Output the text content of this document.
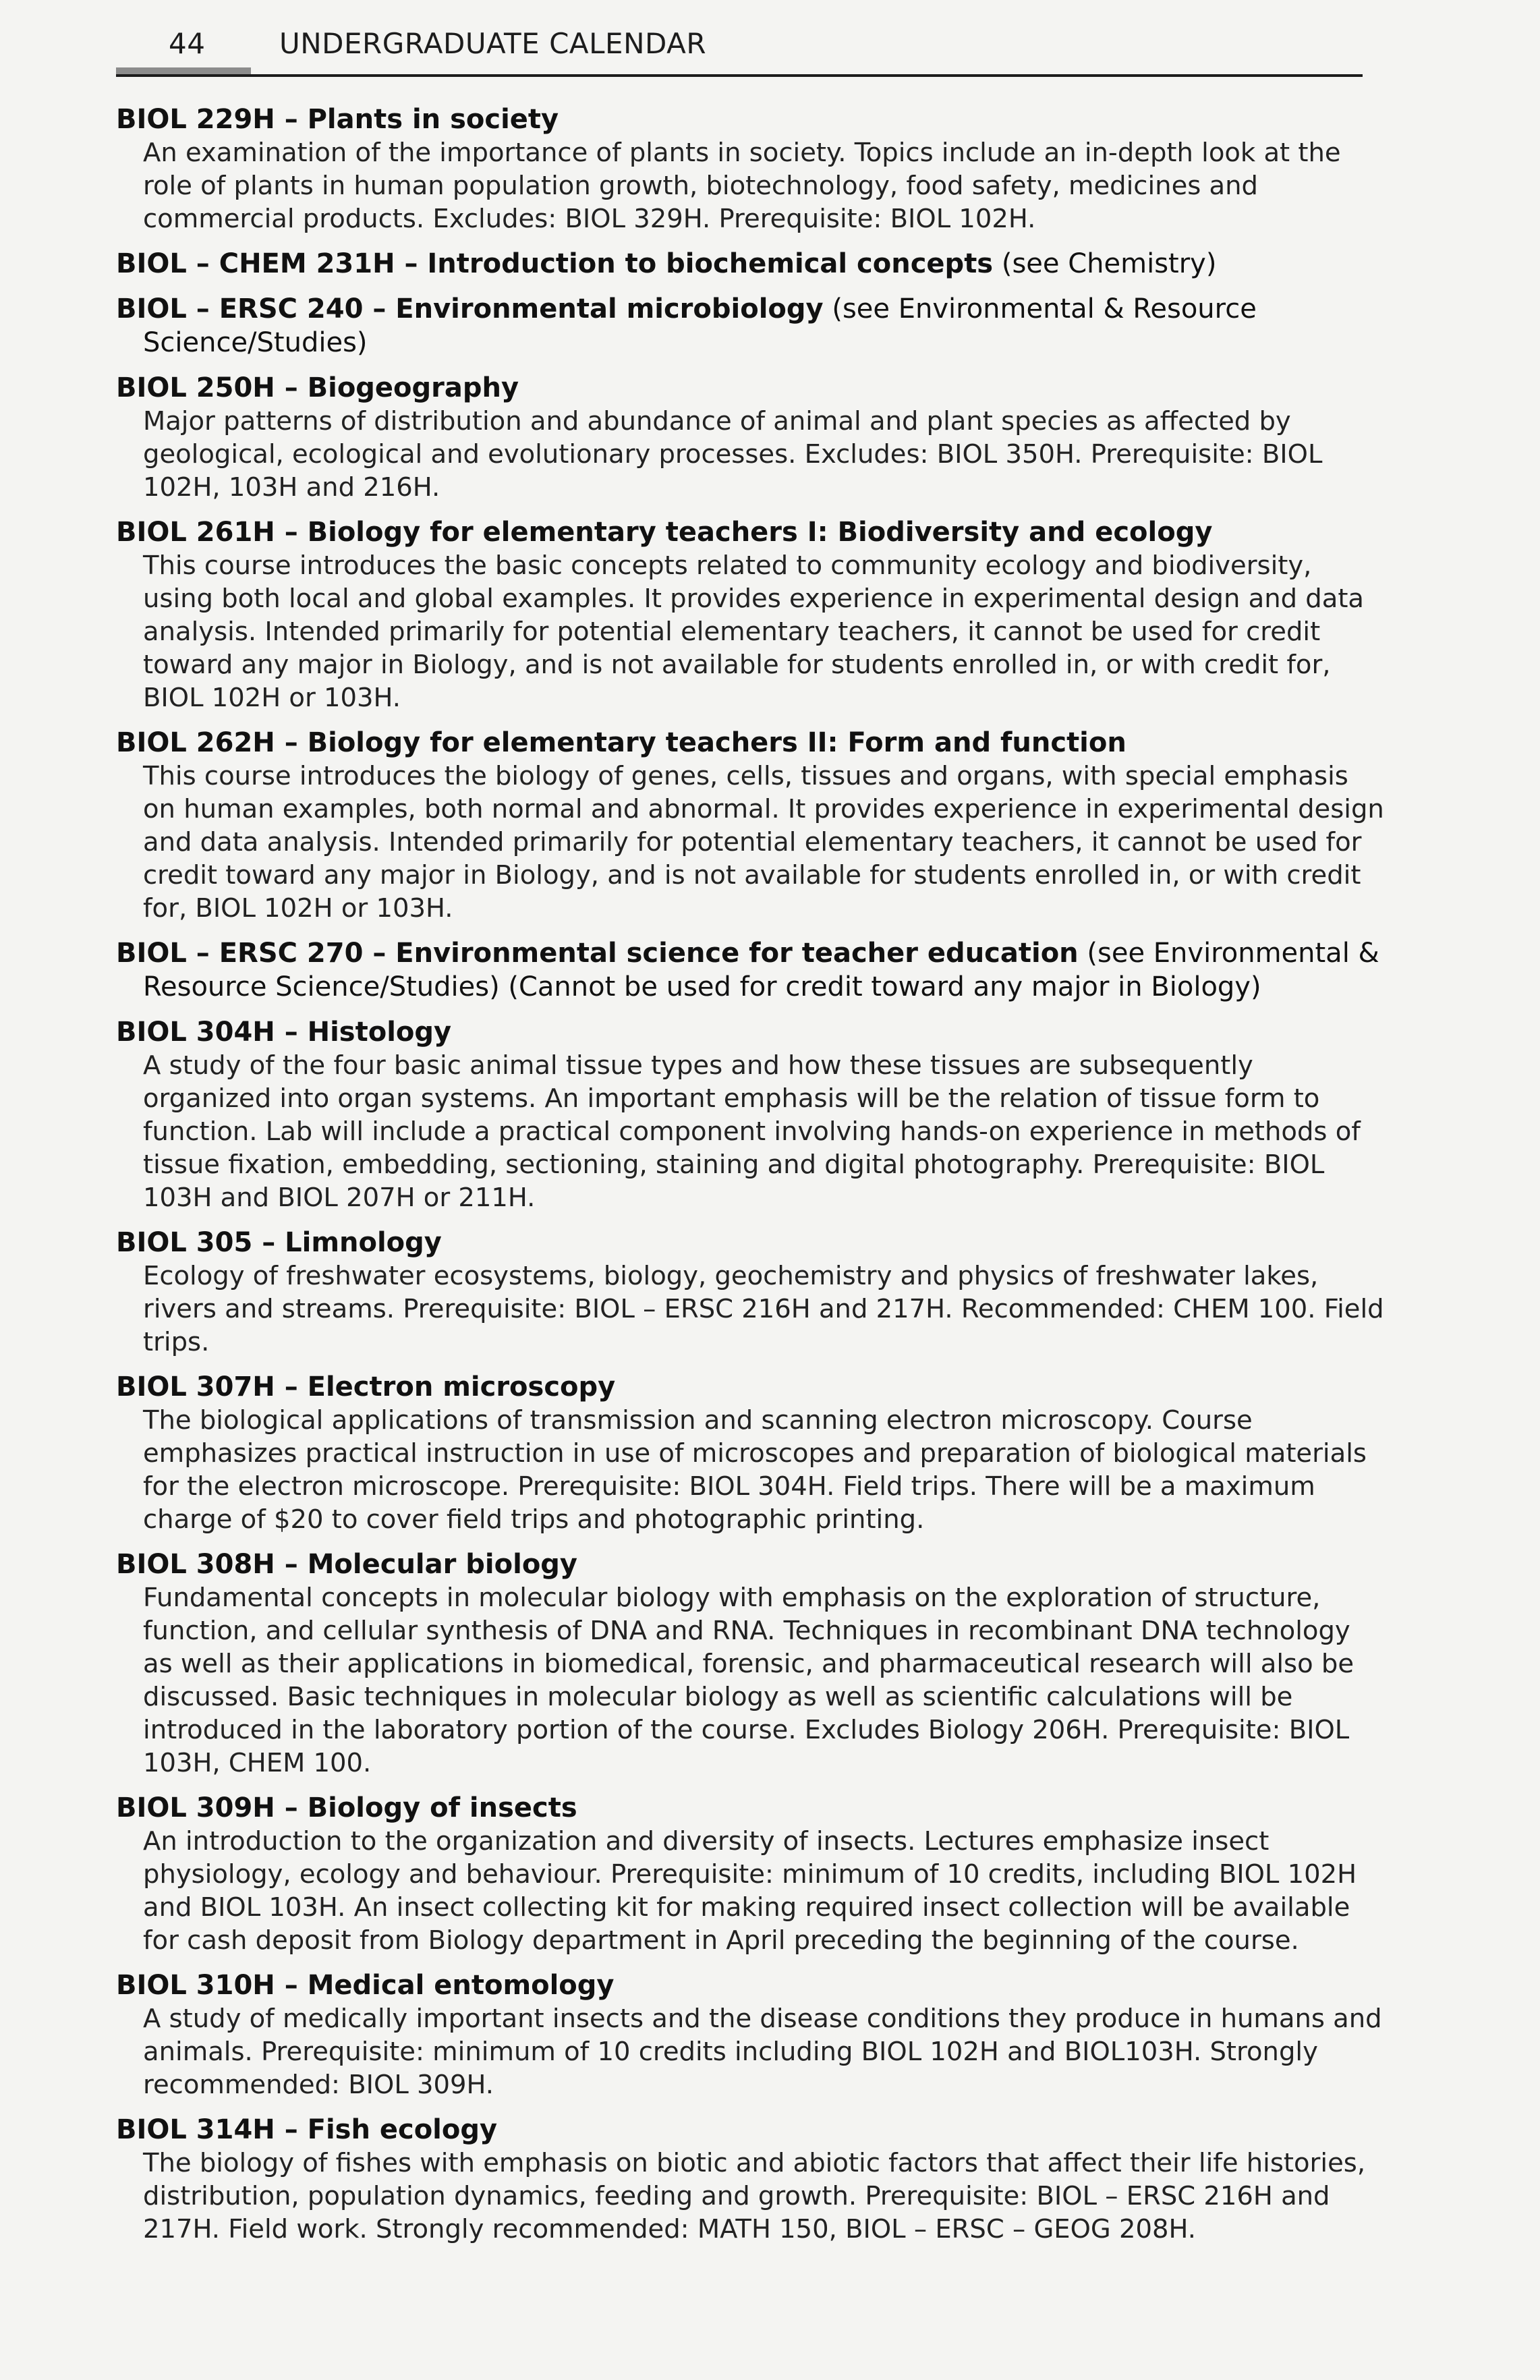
44	UNDERGRADUATE CALENDAR
BIOL 229H – Plants in society
An examination of the importance of plants in society. Topics include an in-depth look at the role of plants in human population growth, biotechnology, food safety, medicines and commercial products. Excludes: BIOL 329H. Prerequisite: BIOL 102H.
BIOL – CHEM 231H – Introduction to biochemical concepts (see Chemistry)
BIOL – ERSC 240 – Environmental microbiology (see Environmental & Resource Science/Studies)
BIOL 250H – Biogeography
Major patterns of distribution and abundance of animal and plant species as affected by geological, ecological and evolutionary processes. Excludes: BIOL 350H. Prerequisite: BIOL 102H, 103H and 216H.
BIOL 261H – Biology for elementary teachers I: Biodiversity and ecology
This course introduces the basic concepts related to community ecology and biodiversity, using both local and global examples. It provides experience in experimental design and data analysis. Intended primarily for potential elementary teachers, it cannot be used for credit toward any major in Biology, and is not available for students enrolled in, or with credit for, BIOL 102H or 103H.
BIOL 262H – Biology for elementary teachers II: Form and function
This course introduces the biology of genes, cells, tissues and organs, with special emphasis on human examples, both normal and abnormal. It provides experience in experimental design and data analysis. Intended primarily for potential elementary teachers, it cannot be used for credit toward any major in Biology, and is not available for students enrolled in, or with credit for, BIOL 102H or 103H.
BIOL – ERSC 270 – Environmental science for teacher education (see Environmental & Resource Science/Studies) (Cannot be used for credit toward any major in Biology)
BIOL 304H – Histology
A study of the four basic animal tissue types and how these tissues are subsequently organized into organ systems. An important emphasis will be the relation of tissue form to function. Lab will include a practical component involving hands-on experience in methods of tissue fixation, embedding, sectioning, staining and digital photography. Prerequisite: BIOL 103H and BIOL 207H or 211H.
BIOL 305 – Limnology
Ecology of freshwater ecosystems, biology, geochemistry and physics of freshwater lakes, rivers and streams. Prerequisite: BIOL – ERSC 216H and 217H. Recommended: CHEM 100. Field trips.
BIOL 307H – Electron microscopy
The biological applications of transmission and scanning electron microscopy. Course emphasizes practical instruction in use of microscopes and preparation of biological materials for the electron microscope. Prerequisite: BIOL 304H. Field trips. There will be a maximum charge of $20 to cover field trips and photographic printing.
BIOL 308H – Molecular biology
Fundamental concepts in molecular biology with emphasis on the exploration of structure, function, and cellular synthesis of DNA and RNA. Techniques in recombinant DNA technology as well as their applications in biomedical, forensic, and pharmaceutical research will also be discussed. Basic techniques in molecular biology as well as scientific calculations will be introduced in the laboratory portion of the course. Excludes Biology 206H. Prerequisite: BIOL 103H, CHEM 100.
BIOL 309H – Biology of insects
An introduction to the organization and diversity of insects. Lectures emphasize insect physiology, ecology and behaviour. Prerequisite: minimum of 10 credits, including BIOL 102H and BIOL 103H. An insect collecting kit for making required insect collection will be available for cash deposit from Biology department in April preceding the beginning of the course.
BIOL 310H – Medical entomology
A study of medically important insects and the disease conditions they produce in humans and animals. Prerequisite: minimum of 10 credits including BIOL 102H and BIOL103H. Strongly recommended: BIOL 309H.
BIOL 314H – Fish ecology
The biology of fishes with emphasis on biotic and abiotic factors that affect their life histories, distribution, population dynamics, feeding and growth. Prerequisite: BIOL – ERSC 216H and 217H. Field work. Strongly recommended: MATH 150, BIOL – ERSC – GEOG 208H.
